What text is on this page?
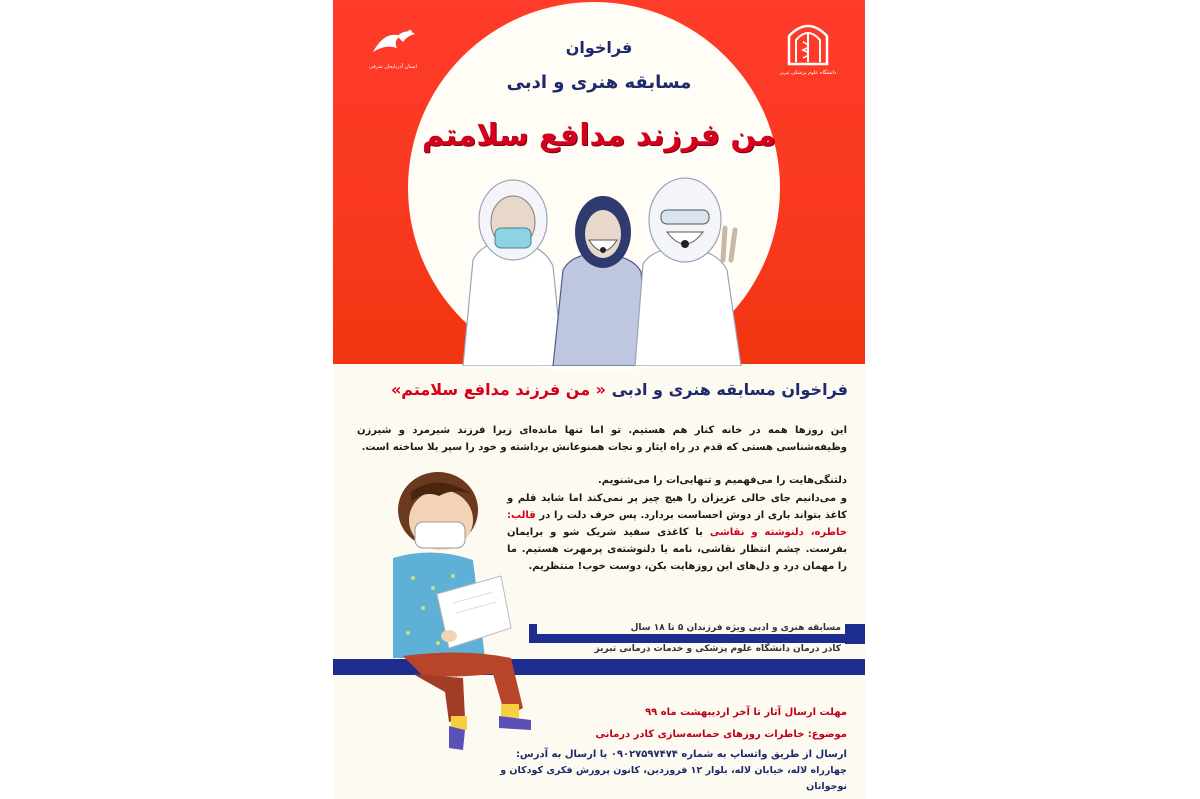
استان آذربایجان شرقی
دانشگاه علوم پزشکی تبریز
فراخوان
مسابقه هنری و ادبی
من فرزند مدافع سلامتم
فراخوان مسابقه هنری و ادبی « من فرزند مدافع سلامتم»
این روزها همه در خانه کنار هم هستیم. تو اما تنها مانده‌ای زیرا فرزند شیرمرد و شیرزن وظیفه‌شناسی هستی که قدم در راه ایثار و نجات همنوعانش برداشته و خود را سپر بلا ساخته است.
دلتنگی‌هایت را می‌فهمیم و تنهایی‌ات را می‌شنویم.
و می‌دانیم جای خالی عزیزان را هیچ چیز پر نمی‌کند اما شاید قلم و کاغذ بتواند باری از دوش احساست بردارد. پس حرف دلت را در قالب: خاطره، دلنوشته و نقاشی با کاغذی سفید شریک شو و برایمان بفرست. چشم انتظار نقاشی، نامه یا دلنوشته‌ی پرمهرت هستیم. ما را مهمان درد و دل‌های این روزهایت بکن، دوست خوب! منتظریم.
مسابقه هنری و ادبی ویژه فرزندان ۵ تا ۱۸ سال
کادر درمان دانشگاه علوم پزشکی و خدمات درمانی تبریز
مهلت ارسال آثار تا آخر اردیبهشت ماه ۹۹
موضوع: خاطرات روزهای حماسه‌سازی کادر درمانی
ارسال از طریق واتساپ به شماره ۰۹۰۲۷۵۹۷۴۷۴ یا ارسال به آدرس:
چهارراه لاله، خیابان لاله، بلوار ۱۲ فروردین، کانون پرورش فکری کودکان و نوجوانان
